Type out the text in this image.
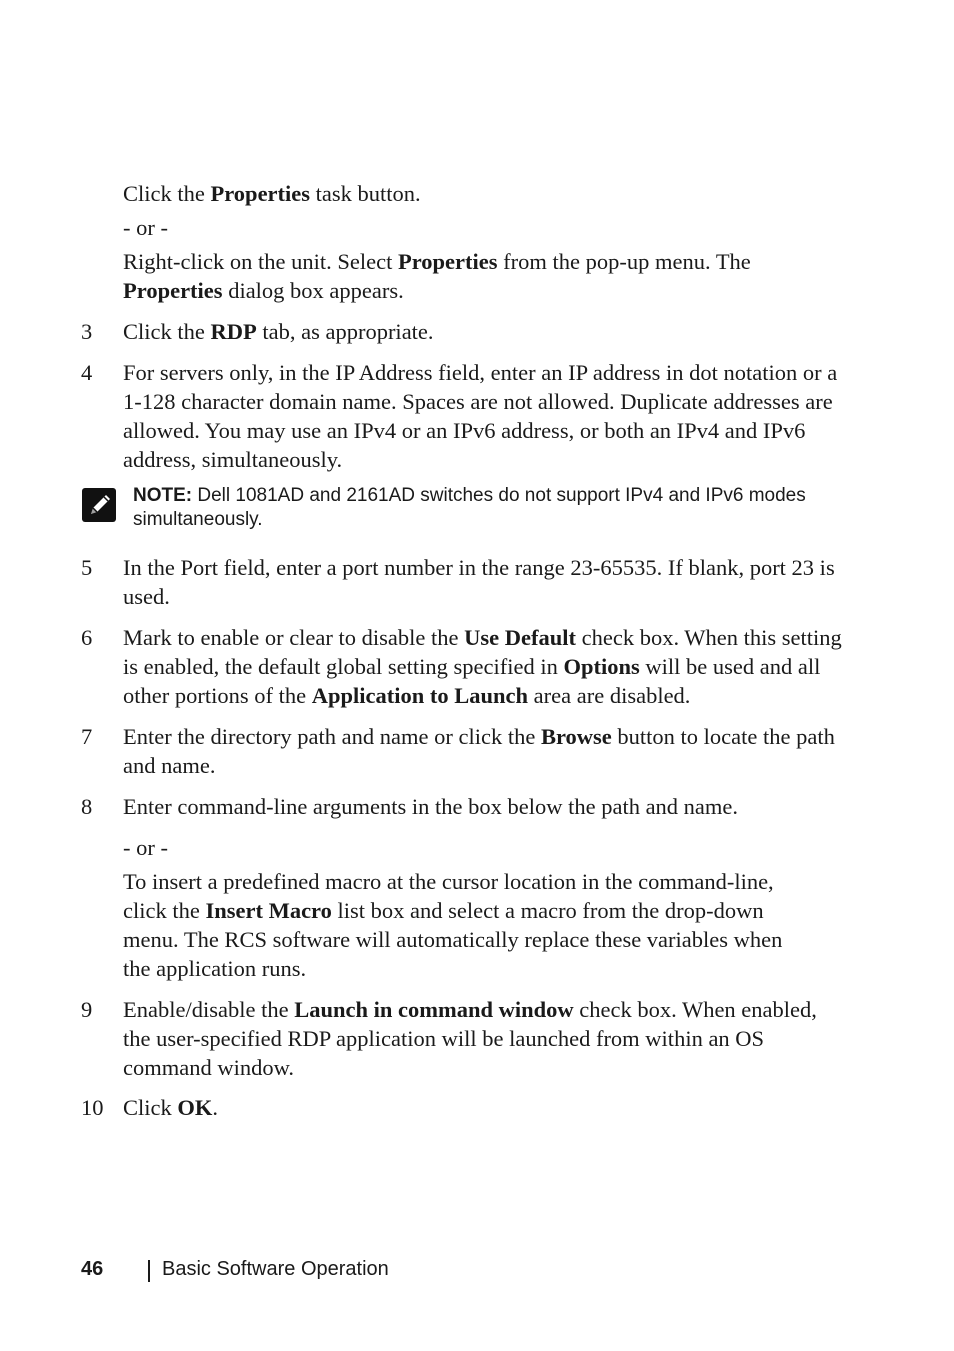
Click the Properties task button.

- or -

Right-click on the unit. Select Properties from the pop-up menu. The Properties dialog box appears.

3	Click the RDP tab, as appropriate.

4	For servers only, in the IP Address field, enter an IP address in dot notation or a 1-128 character domain name. Spaces are not allowed. Duplicate addresses are allowed. You may use an IPv4 or an IPv6 address, or both an IPv4 and IPv6 address, simultaneously.

NOTE: Dell 1081AD and 2161AD switches do not support IPv4 and IPv6 modes simultaneously.
5	In the Port field, enter a port number in the range 23-65535. If blank, port 23 is used.

6	Mark to enable or clear to disable the Use Default check box. When this setting is enabled, the default global setting specified in Options will be used and all other portions of the Application to Launch area are disabled.

7	Enter the directory path and name or click the Browse button to locate the path and name.

8	Enter command-line arguments in the box below the path and name.

- or -

To insert a predefined macro at the cursor location in the command-line, click the Insert Macro list box and select a macro from the drop-down menu. The RCS software will automatically replace these variables when the application runs.

9	Enable/disable the Launch in command window check box. When enabled, the user-specified RDP application will be launched from within an OS command window.

10 Click OK.

46	Basic Software Operation
